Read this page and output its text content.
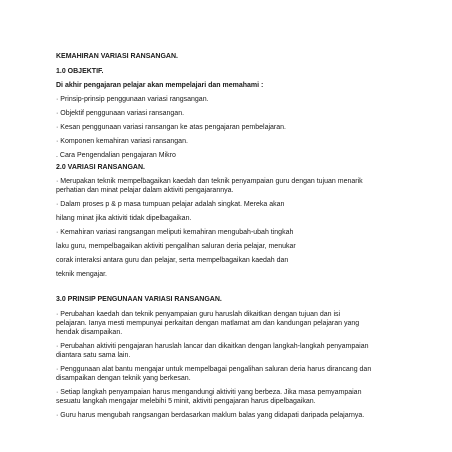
KEMAHIRAN VARIASI RANSANGAN.
1.0 OBJEKTIF.
Di akhir pengajaran pelajar akan mempelajari dan memahami :
· Prinsip-prinsip penggunaan variasi rangsangan.
· Objektif penggunaan variasi ransangan.
· Kesan penggunaan variasi ransangan ke atas pengajaran pembelajaran.
· Komponen kemahiran variasi ransangan.
. Cara Pengendalian pengajaran Mikro
2.0 VARIASI RANSANGAN.
· Merupakan teknik mempelbagaikan kaedah dan teknik penyampaian guru dengan tujuan menarik
perhatian dan minat pelajar dalam aktiviti pengajarannya.
· Dalam proses p & p masa tumpuan pelajar adalah singkat. Mereka akan
hilang minat jika aktiviti tidak dipelbagaikan.
· Kemahiran variasi rangsangan meliputi kemahiran mengubah-ubah tingkah
laku guru, mempelbagaikan aktiviti pengalihan saluran deria pelajar, menukar
corak interaksi antara guru dan pelajar, serta mempelbagaikan kaedah dan
teknik mengajar.
3.0 PRINSIP PENGUNAAN VARIASI RANSANGAN.
· Perubahan kaedah dan teknik penyampaian guru haruslah dikaitkan dengan tujuan dan isi
pelajaran. Ianya mesti mempunyai perkaitan dengan matlamat am dan kandungan pelajaran yang
hendak disampaikan.
· Perubahan aktiviti pengajaran haruslah lancar dan dikaitkan dengan langkah-langkah penyampaian
diantara satu sama lain.
· Penggunaan alat bantu mengajar untuk mempelbagai pengalihan saluran deria harus dirancang dan
disampaikan dengan teknik yang berkesan.
· Setiap langkah penyampaian harus mengandungi aktiviti yang berbeza. Jika masa pemyampaian
sesuatu langkah mengajar melebihi 5 minit, aktiviti pengajaran harus dipelbagaikan.
· Guru harus mengubah rangsangan berdasarkan maklum balas yang didapati daripada pelajarnya.
